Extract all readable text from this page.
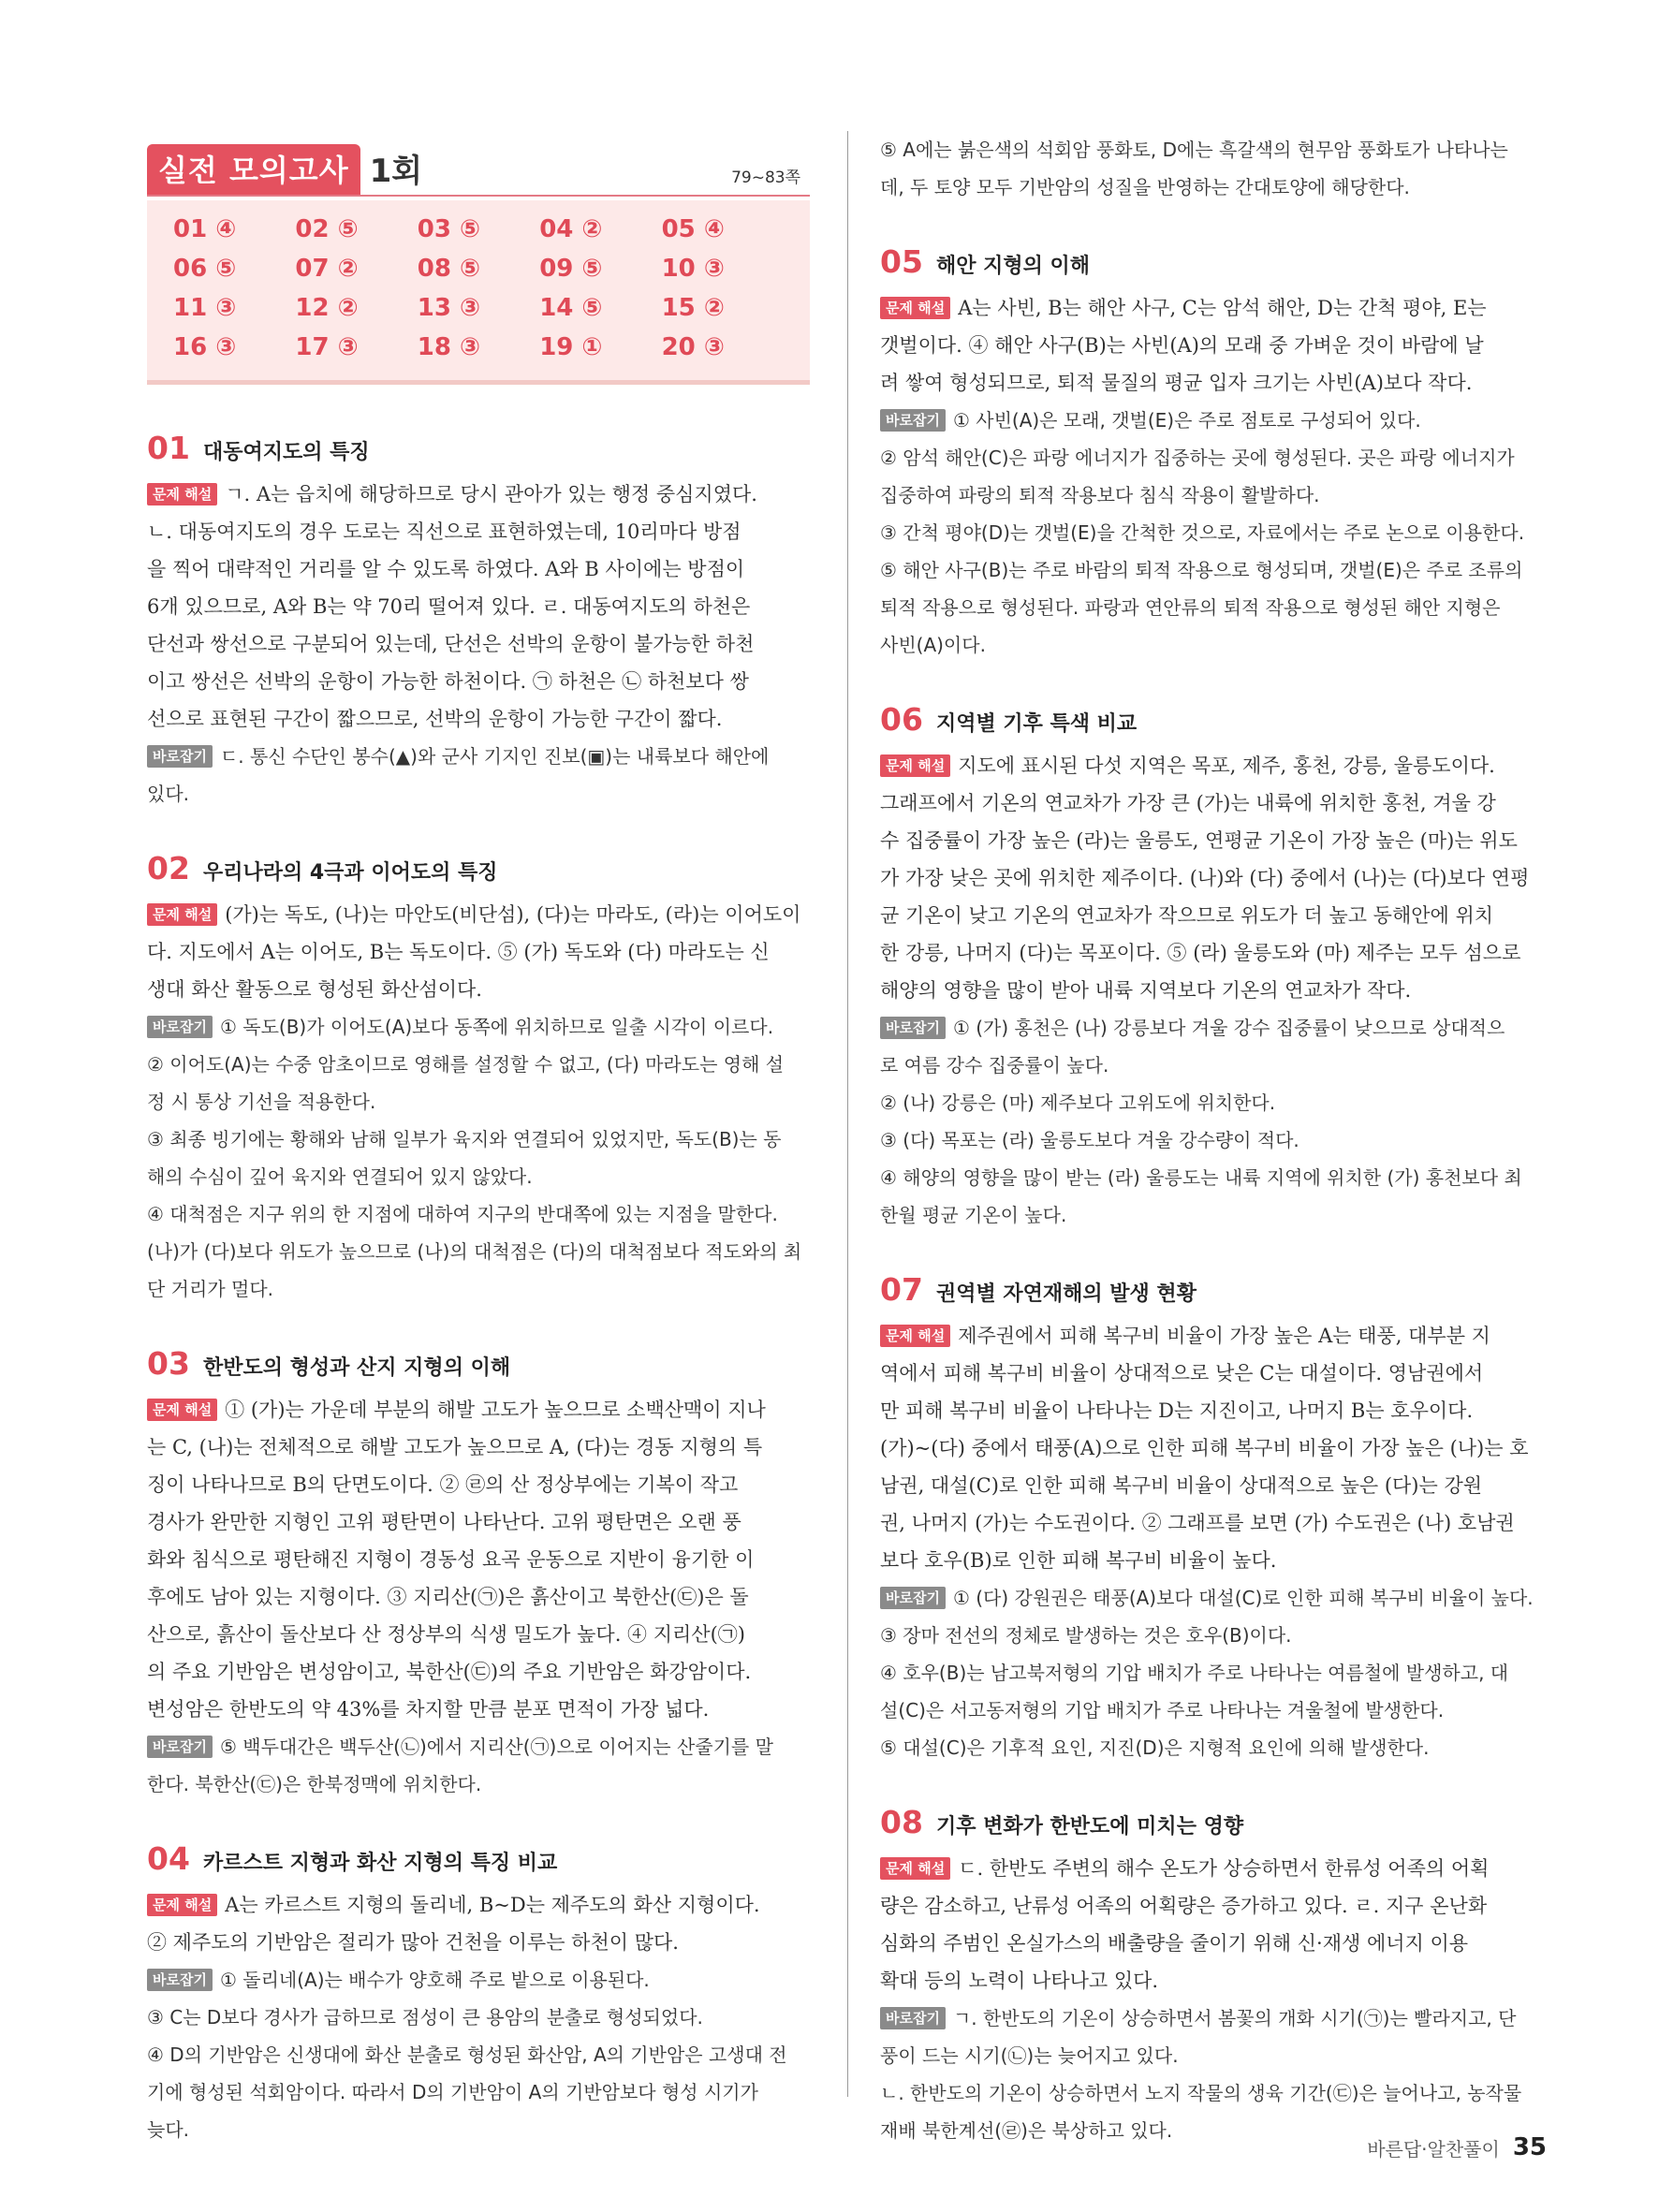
실전 모의고사 1회	79~83쪽
01 ④	02 ⑤	03 ⑤	04 ②	05 ④
06 ⑤	07 ②	08 ⑤	09 ⑤	10 ③
11 ③	12 ②	13 ③	14 ⑤	15 ②
16 ③	17 ③	18 ③	19 ①	20 ③
01 대동여지도의 특징

문제 해설 ㄱ. A는 읍치에 해당하므로 당시 관아가 있는 행정 중심지였다.

ㄴ. 대동여지도의 경우 도로는 직선으로 표현하였는데, 10리마다 방점

을 찍어 대략적인 거리를 알 수 있도록 하였다. A와 B 사이에는 방점이

6개 있으므로, A와 B는 약 70리 떨어져 있다. ㄹ. 대동여지도의 하천은

단선과 쌍선으로 구분되어 있는데, 단선은 선박의 운항이 불가능한 하천

이고 쌍선은 선박의 운항이 가능한 하천이다. ㉠ 하천은 ㉡ 하천보다 쌍

선으로 표현된 구간이 짧으므로, 선박의 운항이 가능한 구간이 짧다.

바로잡기 ㄷ. 통신 수단인 봉수(▲)와 군사 기지인 진보(▣)는 내륙보다 해안에

있다.

02 우리나라의 4극과 이어도의 특징

문제 해설 (가)는 독도, (나)는 마안도(비단섬), (다)는 마라도, (라)는 이어도이

다. 지도에서 A는 이어도, B는 독도이다. ⑤ (가) 독도와 (다) 마라도는 신

생대 화산 활동으로 형성된 화산섬이다.

바로잡기 ① 독도(B)가 이어도(A)보다 동쪽에 위치하므로 일출 시각이 이르다.

② 이어도(A)는 수중 암초이므로 영해를 설정할 수 없고, (다) 마라도는 영해 설

정 시 통상 기선을 적용한다.

③ 최종 빙기에는 황해와 남해 일부가 육지와 연결되어 있었지만, 독도(B)는 동

해의 수심이 깊어 육지와 연결되어 있지 않았다.

④ 대척점은 지구 위의 한 지점에 대하여 지구의 반대쪽에 있는 지점을 말한다.

(나)가 (다)보다 위도가 높으므로 (나)의 대척점은 (다)의 대척점보다 적도와의 최

단 거리가 멀다.

03 한반도의 형성과 산지 지형의 이해

문제 해설 ① (가)는 가운데 부분의 해발 고도가 높으므로 소백산맥이 지나

는 C, (나)는 전체적으로 해발 고도가 높으므로 A, (다)는 경동 지형의 특

징이 나타나므로 B의 단면도이다. ② ㉣의 산 정상부에는 기복이 작고

경사가 완만한 지형인 고위 평탄면이 나타난다. 고위 평탄면은 오랜 풍

화와 침식으로 평탄해진 지형이 경동성 요곡 운동으로 지반이 융기한 이

후에도 남아 있는 지형이다. ③ 지리산(㉠)은 흙산이고 북한산(㉢)은 돌

산으로, 흙산이 돌산보다 산 정상부의 식생 밀도가 높다. ④ 지리산(㉠)

의 주요 기반암은 변성암이고, 북한산(㉢)의 주요 기반암은 화강암이다.

변성암은 한반도의 약 43%를 차지할 만큼 분포 면적이 가장 넓다.

바로잡기 ⑤ 백두대간은 백두산(㉡)에서 지리산(㉠)으로 이어지는 산줄기를 말

한다. 북한산(㉢)은 한북정맥에 위치한다.

04 카르스트 지형과 화산 지형의 특징 비교

문제 해설 A는 카르스트 지형의 돌리네, B~D는 제주도의 화산 지형이다.

② 제주도의 기반암은 절리가 많아 건천을 이루는 하천이 많다.

바로잡기 ① 돌리네(A)는 배수가 양호해 주로 밭으로 이용된다.

③ C는 D보다 경사가 급하므로 점성이 큰 용암의 분출로 형성되었다.

④ D의 기반암은 신생대에 화산 분출로 형성된 화산암, A의 기반암은 고생대 전

기에 형성된 석회암이다. 따라서 D의 기반암이 A의 기반암보다 형성 시기가

늦다.

⑤ A에는 붉은색의 석회암 풍화토, D에는 흑갈색의 현무암 풍화토가 나타나는

데, 두 토양 모두 기반암의 성질을 반영하는 간대토양에 해당한다.

05 해안 지형의 이해

문제 해설 A는 사빈, B는 해안 사구, C는 암석 해안, D는 간척 평야, E는

갯벌이다. ④ 해안 사구(B)는 사빈(A)의 모래 중 가벼운 것이 바람에 날

려 쌓여 형성되므로, 퇴적 물질의 평균 입자 크기는 사빈(A)보다 작다.

바로잡기 ① 사빈(A)은 모래, 갯벌(E)은 주로 점토로 구성되어 있다.

② 암석 해안(C)은 파랑 에너지가 집중하는 곳에 형성된다. 곳은 파랑 에너지가

집중하여 파랑의 퇴적 작용보다 침식 작용이 활발하다.

③ 간척 평야(D)는 갯벌(E)을 간척한 것으로, 자료에서는 주로 논으로 이용한다.

⑤ 해안 사구(B)는 주로 바람의 퇴적 작용으로 형성되며, 갯벌(E)은 주로 조류의

퇴적 작용으로 형성된다. 파랑과 연안류의 퇴적 작용으로 형성된 해안 지형은

사빈(A)이다.

06 지역별 기후 특색 비교

문제 해설 지도에 표시된 다섯 지역은 목포, 제주, 홍천, 강릉, 울릉도이다.

그래프에서 기온의 연교차가 가장 큰 (가)는 내륙에 위치한 홍천, 겨울 강

수 집중률이 가장 높은 (라)는 울릉도, 연평균 기온이 가장 높은 (마)는 위도

가 가장 낮은 곳에 위치한 제주이다. (나)와 (다) 중에서 (나)는 (다)보다 연평

균 기온이 낮고 기온의 연교차가 작으므로 위도가 더 높고 동해안에 위치

한 강릉, 나머지 (다)는 목포이다. ⑤ (라) 울릉도와 (마) 제주는 모두 섬으로

해양의 영향을 많이 받아 내륙 지역보다 기온의 연교차가 작다.

바로잡기 ① (가) 홍천은 (나) 강릉보다 겨울 강수 집중률이 낮으므로 상대적으

로 여름 강수 집중률이 높다.

② (나) 강릉은 (마) 제주보다 고위도에 위치한다.

③ (다) 목포는 (라) 울릉도보다 겨울 강수량이 적다.

④ 해양의 영향을 많이 받는 (라) 울릉도는 내륙 지역에 위치한 (가) 홍천보다 최

한월 평균 기온이 높다.

07 권역별 자연재해의 발생 현황

문제 해설 제주권에서 피해 복구비 비율이 가장 높은 A는 태풍, 대부분 지

역에서 피해 복구비 비율이 상대적으로 낮은 C는 대설이다. 영남권에서

만 피해 복구비 비율이 나타나는 D는 지진이고, 나머지 B는 호우이다.

(가)~(다) 중에서 태풍(A)으로 인한 피해 복구비 비율이 가장 높은 (나)는 호

남권, 대설(C)로 인한 피해 복구비 비율이 상대적으로 높은 (다)는 강원

권, 나머지 (가)는 수도권이다. ② 그래프를 보면 (가) 수도권은 (나) 호남권

보다 호우(B)로 인한 피해 복구비 비율이 높다.

바로잡기 ① (다) 강원권은 태풍(A)보다 대설(C)로 인한 피해 복구비 비율이 높다.

③ 장마 전선의 정체로 발생하는 것은 호우(B)이다.

④ 호우(B)는 남고북저형의 기압 배치가 주로 나타나는 여름철에 발생하고, 대

설(C)은 서고동저형의 기압 배치가 주로 나타나는 겨울철에 발생한다.

⑤ 대설(C)은 기후적 요인, 지진(D)은 지형적 요인에 의해 발생한다.

08 기후 변화가 한반도에 미치는 영향

문제 해설 ㄷ. 한반도 주변의 해수 온도가 상승하면서 한류성 어족의 어획

량은 감소하고, 난류성 어족의 어획량은 증가하고 있다. ㄹ. 지구 온난화

심화의 주범인 온실가스의 배출량을 줄이기 위해 신·재생 에너지 이용

확대 등의 노력이 나타나고 있다.

바로잡기 ㄱ. 한반도의 기온이 상승하면서 봄꽃의 개화 시기(㉠)는 빨라지고, 단

풍이 드는 시기(㉡)는 늦어지고 있다.

ㄴ. 한반도의 기온이 상승하면서 노지 작물의 생육 기간(㉢)은 늘어나고, 농작물

재배 북한계선(㉣)은 북상하고 있다.

바른답·알찬풀이 35
